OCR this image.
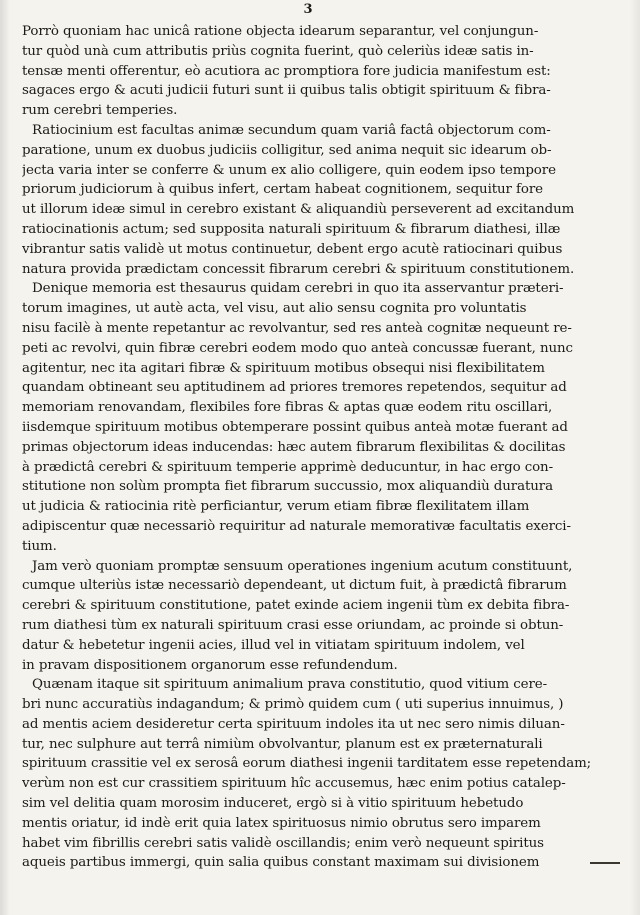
3
Porrò quoniam hac unicâ ratione objecta idearum separantur, vel conjungun-
tur quòd unà cum attributis priùs cognita fuerint, quò celeriùs ideæ satis in-
tensæ menti offerentur, eò acutiora ac promptiora fore judicia manifestum est:
sagaces ergo & acuti judicii futuri sunt ii quibus talis obtigit spirituum & fibra-
rum cerebri temperies.
Ratiocinium est facultas animæ secundum quam variâ factâ objectorum com-
paratione, unum ex duobus judiciis colligitur, sed anima nequit sic idearum ob-
jecta varia inter se conferre & unum ex alio colligere, quin eodem ipso tempore
priorum judiciorum à quibus infert, certam habeat cognitionem, sequitur fore
ut illorum ideæ simul in cerebro existant & aliquandiù perseverent ad excitandum
ratiocinationis actum; sed supposita naturali spirituum & fibrarum diathesi, illæ
vibrantur satis validè ut motus continuetur, debent ergo acutè ratiocinari quibus
natura provida prædictam concessit fibrarum cerebri & spirituum constitutionem.
Denique memoria est thesaurus quidam cerebri in quo ita asservantur præteri-
torum imagines, ut autè acta, vel visu, aut alio sensu cognita pro voluntatis
nisu facilè à mente repetantur ac revolvantur, sed res anteà cognitæ nequeunt re-
peti ac revolvi, quin fibræ cerebri eodem modo quo anteà concussæ fuerant, nunc
agitentur, nec ita agitari fibræ & spirituum motibus obsequi nisi flexibilitatem
quandam obtineant seu aptitudinem ad priores tremores repetendos, sequitur ad
memoriam renovandam, flexibiles fore fibras & aptas quæ eodem ritu oscillari,
iisdemque spirituum motibus obtemperare possint quibus anteà motæ fuerant ad
primas objectorum ideas inducendas: hæc autem fibrarum flexibilitas & docilitas
à prædictâ cerebri & spirituum temperie apprimè deducuntur, in hac ergo con-
stitutione non solùm prompta fiet fibrarum succussio, mox aliquandiù duratura
ut judicia & ratiocinia ritè perficiantur, verum etiam fibræ flexilitatem illam
adipiscentur quæ necessariò requiritur ad naturale memorativæ facultatis exerci-
tium.
Jam verò quoniam promptæ sensuum operationes ingenium acutum constituunt,
cumque ulteriùs istæ necessariò dependeant, ut dictum fuit, à prædictâ fibrarum
cerebri & spirituum constitutione, patet exinde aciem ingenii tùm ex debita fibra-
rum diathesi tùm ex naturali spirituum crasi esse oriundam, ac proinde si obtun-
datur & hebetetur ingenii acies, illud vel in vitiatam spirituum indolem, vel
in pravam dispositionem organorum esse refundendum.
Quænam itaque sit spirituum animalium prava constitutio, quod vitium cere-
bri nunc accuratiùs indagandum; & primò quidem cum ( uti superius innuimus, )
ad mentis aciem desideretur certa spirituum indoles ita ut nec sero nimis diluan-
tur, nec sulphure aut terrâ nimiùm obvolvantur, planum est ex præternaturali
spirituum crassitie vel ex serosâ eorum diathesi ingenii tarditatem esse repetendam;
verùm non est cur crassitiem spirituum hîc accusemus, hæc enim potius catalep-
sim vel delitia quam morosim induceret, ergò si à vitio spirituum hebetudo
mentis oriatur, id indè erit quia latex spirituosus nimio obrutus sero imparem
habet vim fibrillis cerebri satis validè oscillandis; enim verò nequeunt spiritus
aqueis partibus immergi, quin salia quibus constant maximam sui divisionem
